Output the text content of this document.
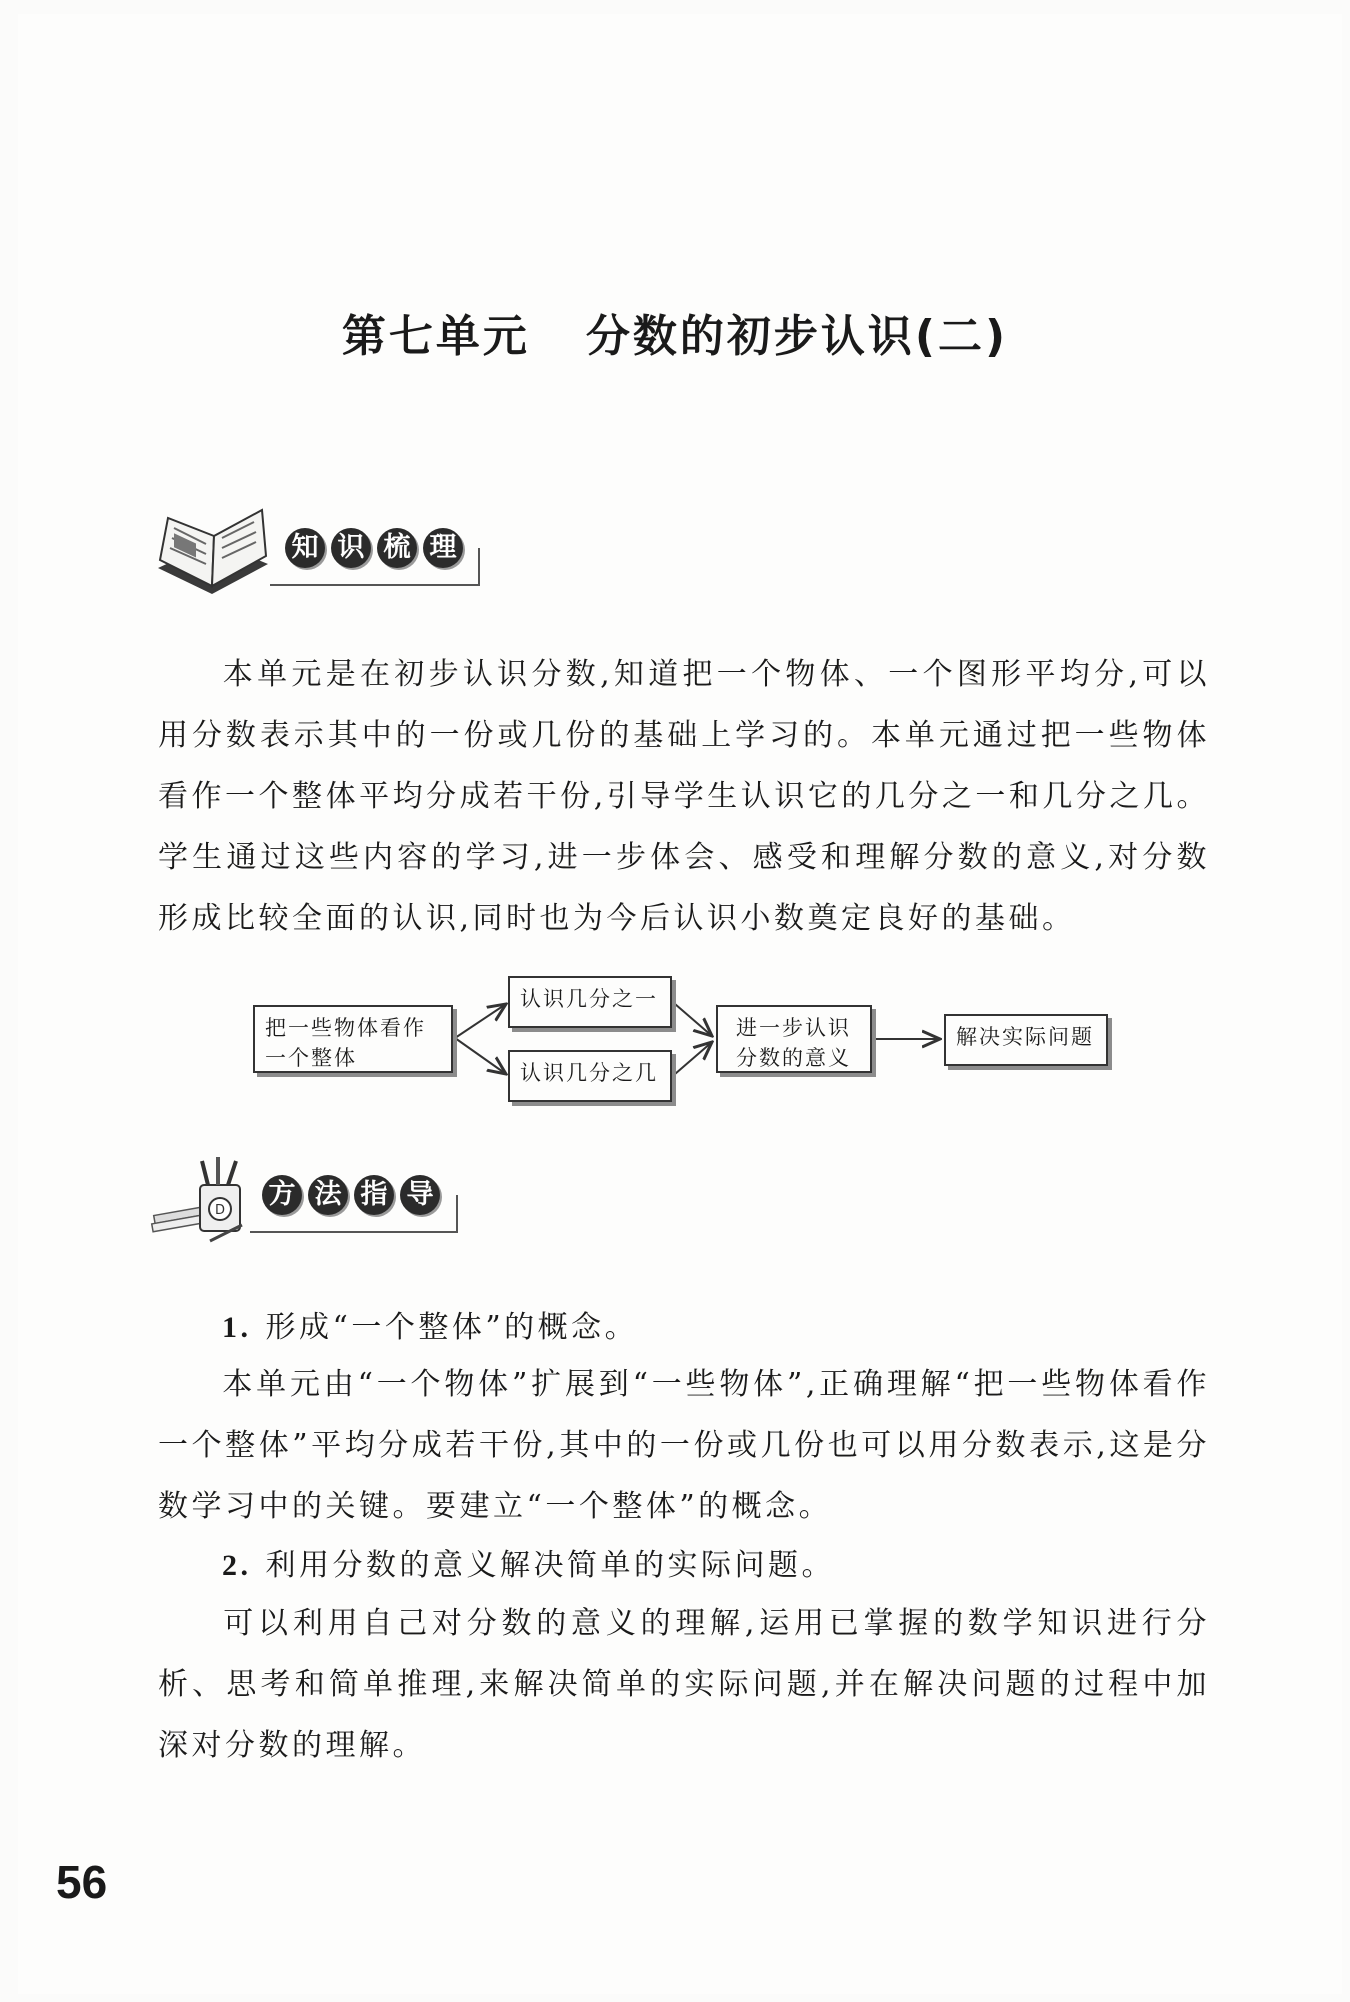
第七单元 分数的初步认识(二)
知 识 梳 理

本单元是在初步认识分数,知道把一个物体、一个图形平均分,可以用分数表示其中的一份或几份的基础上学习的。本单元通过把一些物体看作一个整体平均分成若干份,引导学生认识它的几分之一和几分之几。学生通过这些内容的学习,进一步体会、感受和理解分数的意义,对分数形成比较全面的认识,同时也为今后认识小数奠定良好的基础。

把一些物体看作一个整体
认识几分之一
认识几分之几
进一步认识分数的意义
解决实际问题
D
方 法 指 导
1. 形成“一个整体”的概念。

本单元由“一个物体”扩展到“一些物体”,正确理解“把一些物体看作一个整体”平均分成若干份,其中的一份或几份也可以用分数表示,这是分数学习中的关键。要建立“一个整体”的概念。

2. 利用分数的意义解决简单的实际问题。

可以利用自己对分数的意义的理解,运用已掌握的数学知识进行分析、思考和简单推理,来解决简单的实际问题,并在解决问题的过程中加深对分数的理解。

56
